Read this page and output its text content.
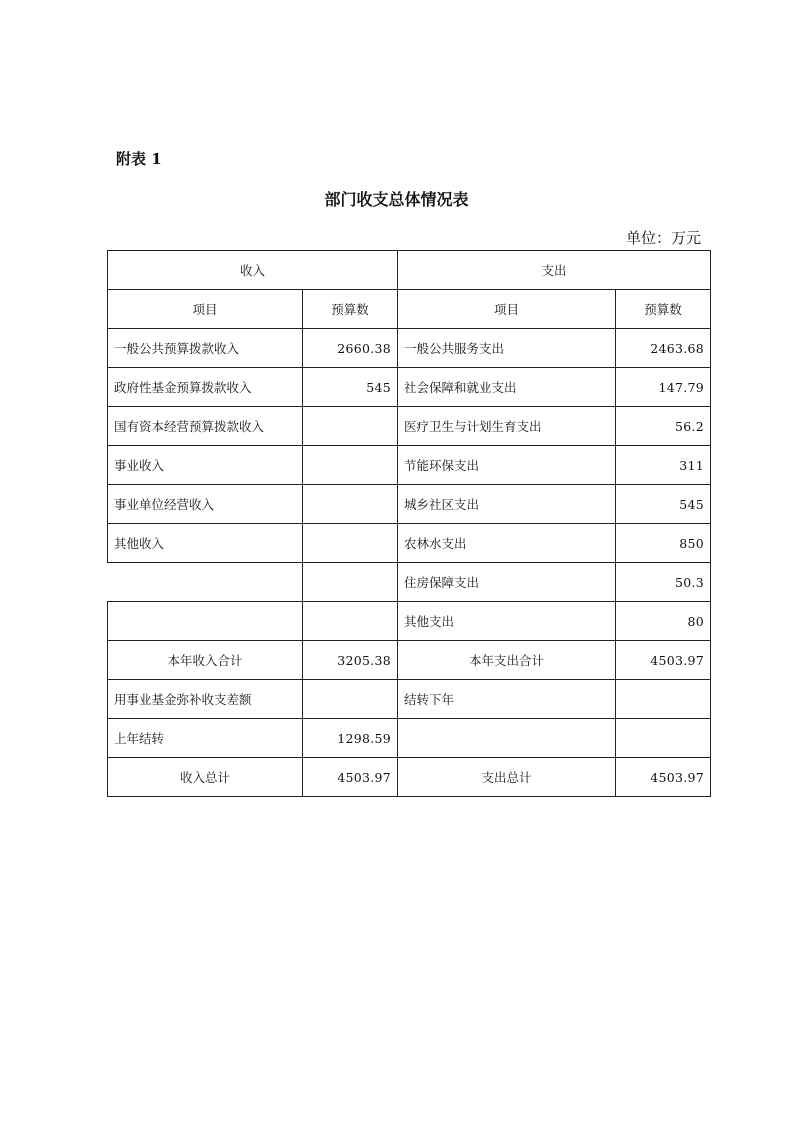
附表 1
部门收支总体情况表
单位：万元
收入		支出	
项目	预算数	项目	预算数
一般公共预算拨款收入	2660.38	一般公共服务支出	2463.68
政府性基金预算拨款收入	545	社会保障和就业支出	147.79
国有资本经营预算拨款收入		医疗卫生与计划生育支出	56.2
事业收入		节能环保支出	311
事业单位经营收入		城乡社区支出	545
其他收入		农林水支出	850
		住房保障支出	50.3
		其他支出	80
本年收入合计	3205.38	本年支出合计	4503.97
用事业基金弥补收支差额		结转下年	
上年结转	1298.59		
收入总计	4503.97	支出总计	4503.97
